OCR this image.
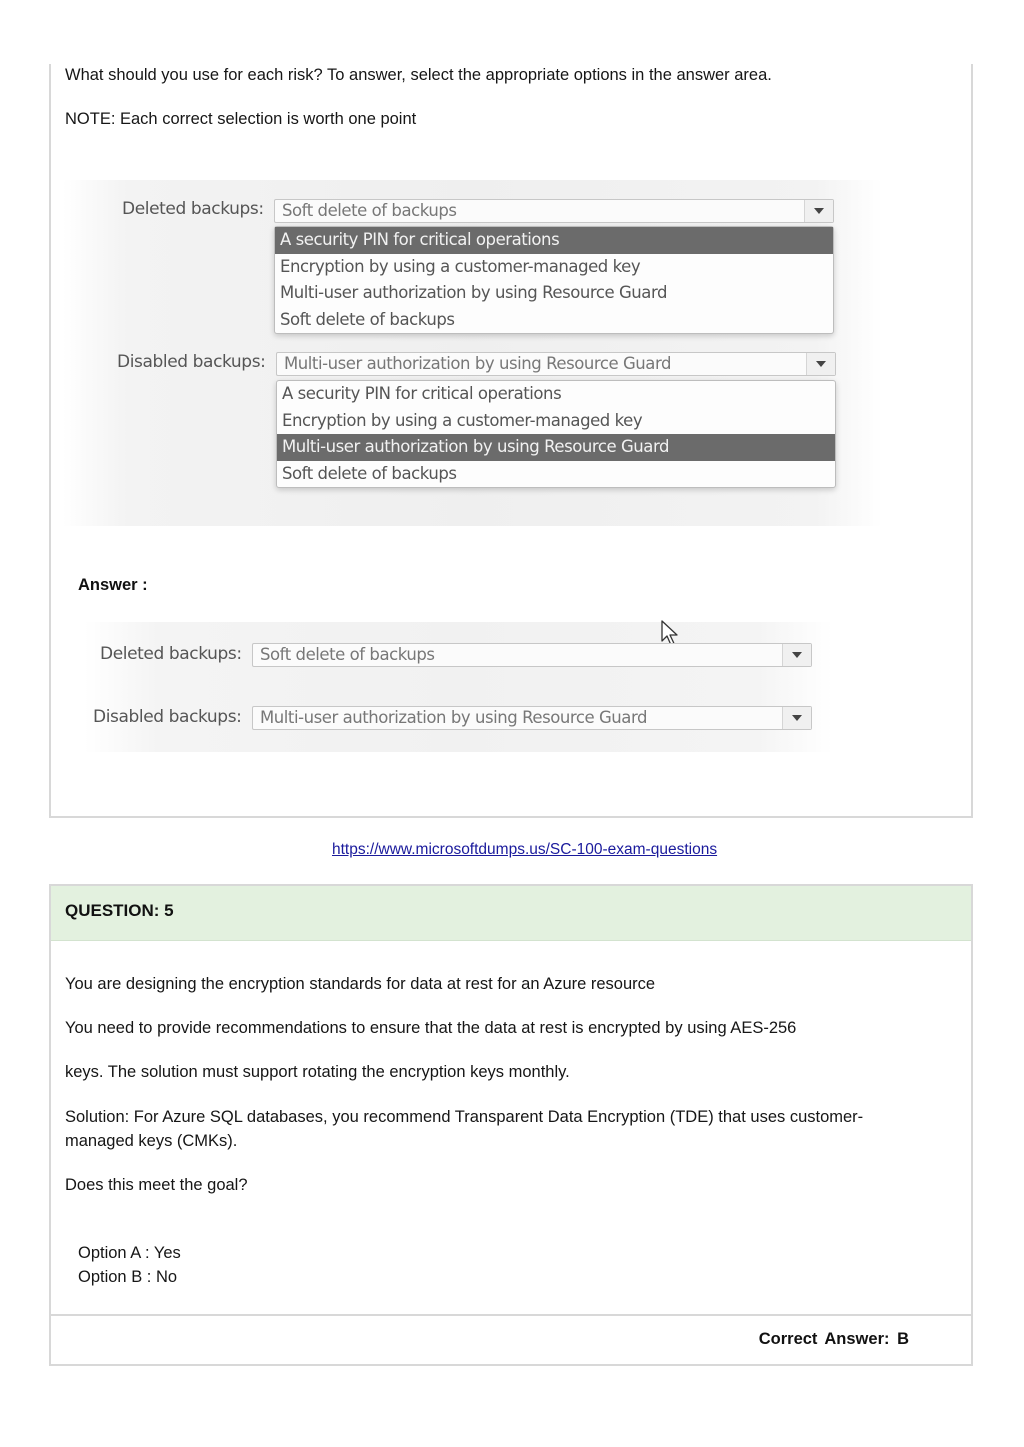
What should you use for each risk? To answer, select the appropriate options in the answer area.
NOTE: Each correct selection is worth one point
Deleted backups:	Soft delete of backups
A security PIN for critical operations
Encryption by using a customer-managed key
Multi-user authorization by using Resource Guard
Soft delete of backups
Disabled backups:	Multi-user authorization by using Resource Guard
A security PIN for critical operations
Encryption by using a customer-managed key
Multi-user authorization by using Resource Guard
Soft delete of backups
Answer :
Deleted backups:	Soft delete of backups
Disabled backups:	Multi-user authorization by using Resource Guard
https://www.microsoftdumps.us/SC-100-exam-questions
QUESTION: 5
You are designing the encryption standards for data at rest for an Azure resource
You need to provide recommendations to ensure that the data at rest is encrypted by using AES-256
keys. The solution must support rotating the encryption keys monthly.
Solution: For Azure SQL databases, you recommend Transparent Data Encryption (TDE) that uses customer-
managed keys (CMKs).
Does this meet the goal?
Option A : Yes
Option B : No
Correct Answer: B
